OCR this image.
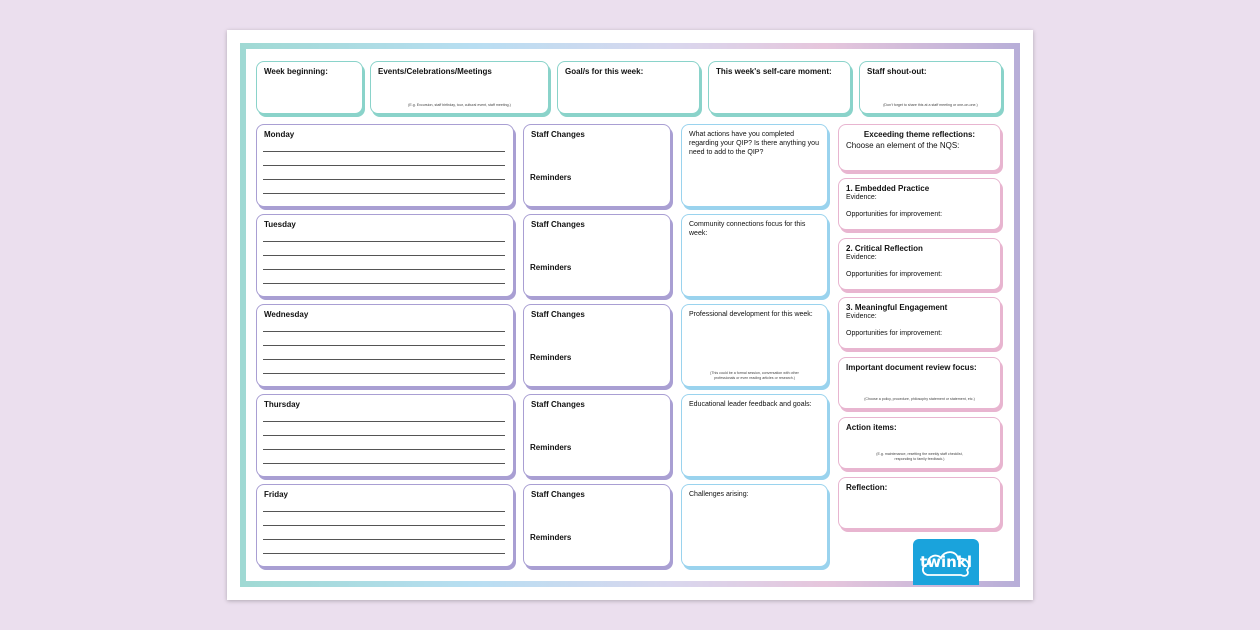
Week beginning:	Events/Celebrations/Meetings
(E.g. Excursion, staff birthday, tour, cultural event, staff meeting.)
Goal/s for this week:	This week's self-care moment:	Staff shout-out:
(Don't forget to share this at a staff meeting or one-on-one.)
Monday
Tuesday
Wednesday
Thursday
Friday
Staff Changes
Reminders
Staff Changes
Reminders
Staff Changes
Reminders
Staff Changes
Reminders
Staff Changes
Reminders
What actions have you completed regarding your QIP? Is there anything you need to add to the QIP?
Community connections focus for this week:
Professional development for this week:
(This could be a formal session, conversation with other professionals or even reading articles or research.)
Educational leader feedback and goals:
Challenges arising:
Exceeding theme reflections:
Choose an element of the NQS:
1. Embedded Practice
Evidence:
Opportunities for improvement:
2. Critical Reflection
Evidence:
Opportunities for improvement:
3. Meaningful Engagement
Evidence:
Opportunities for improvement:
Important document review focus:
(Choose a policy, procedure, philosophy statement or statement, etc.)
Action items:
(E.g. maintenance, resetting the weekly staff checklist, responding to family feedback.)
Reflection:
twinkl
